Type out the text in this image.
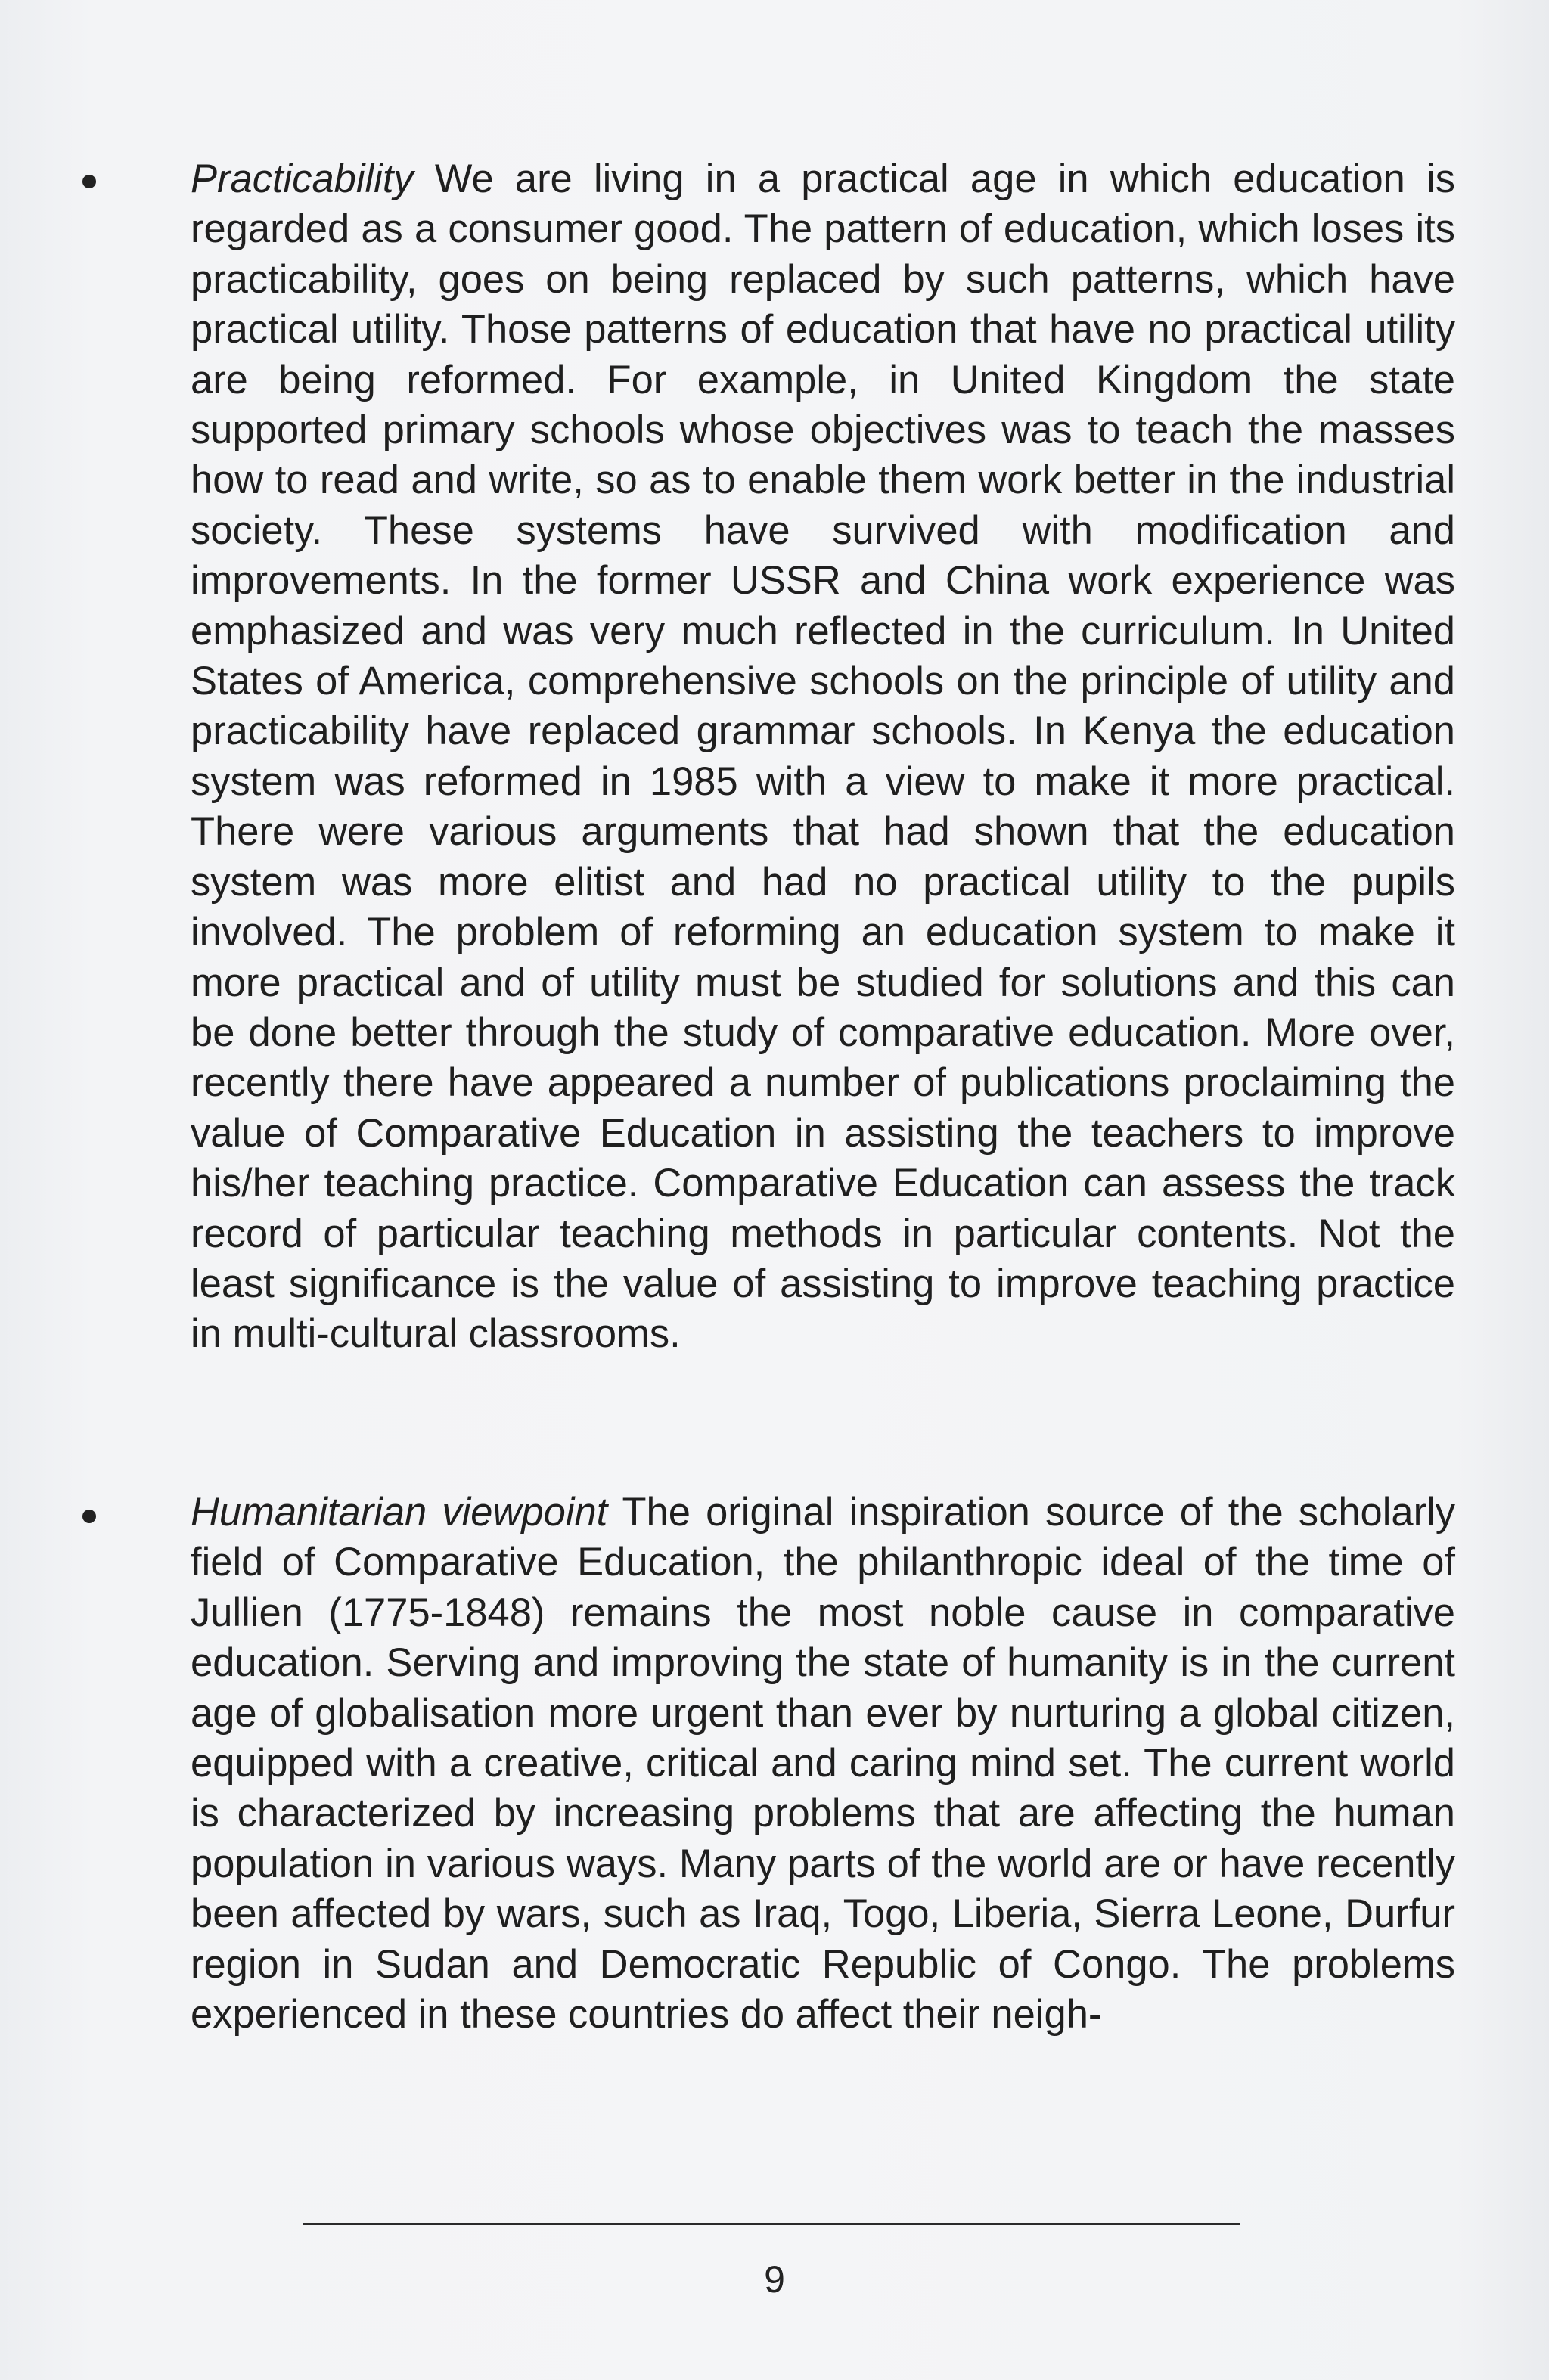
Practicability We are living in a practical age in which education is regarded as a consumer good. The pattern of education, which loses its practicability, goes on being replaced by such patterns, which have practical utility. Those patterns of education that have no practical utility are being reformed. For example, in United Kingdom the state supported primary schools whose objectives was to teach the masses how to read and write, so as to enable them work better in the industrial society. These systems have survived with modification and improvements. In the former USSR and China work experience was emphasized and was very much reflected in the curriculum. In United States of America, comprehensive schools on the principle of utility and practicability have replaced grammar schools. In Kenya the education system was reformed in 1985 with a view to make it more practical. There were various arguments that had shown that the education system was more elitist and had no practical utility to the pupils involved. The problem of reforming an education system to make it more practical and of utility must be studied for solutions and this can be done better through the study of comparative education. More over, recently there have appeared a number of publications proclaiming the value of Comparative Education in assisting the teachers to improve his/her teaching practice. Comparative Education can assess the track record of particular teaching methods in particular contents. Not the least significance is the value of assisting to improve teaching practice in multi-cultural classrooms.

Humanitarian viewpoint The original inspiration source of the scholarly field of Comparative Education, the philanthropic ideal of the time of Jullien (1775-1848) remains the most noble cause in comparative education. Serving and improving the state of humanity is in the current age of globalisation more urgent than ever by nurturing a global citizen, equipped with a creative, critical and caring mind set. The current world is characterized by increasing problems that are affecting the human population in various ways. Many parts of the world are or have recently been affected by wars, such as Iraq, Togo, Liberia, Sierra Leone, Durfur region in Sudan and Democratic Republic of Congo. The problems experienced in these countries do affect their neigh-

9
